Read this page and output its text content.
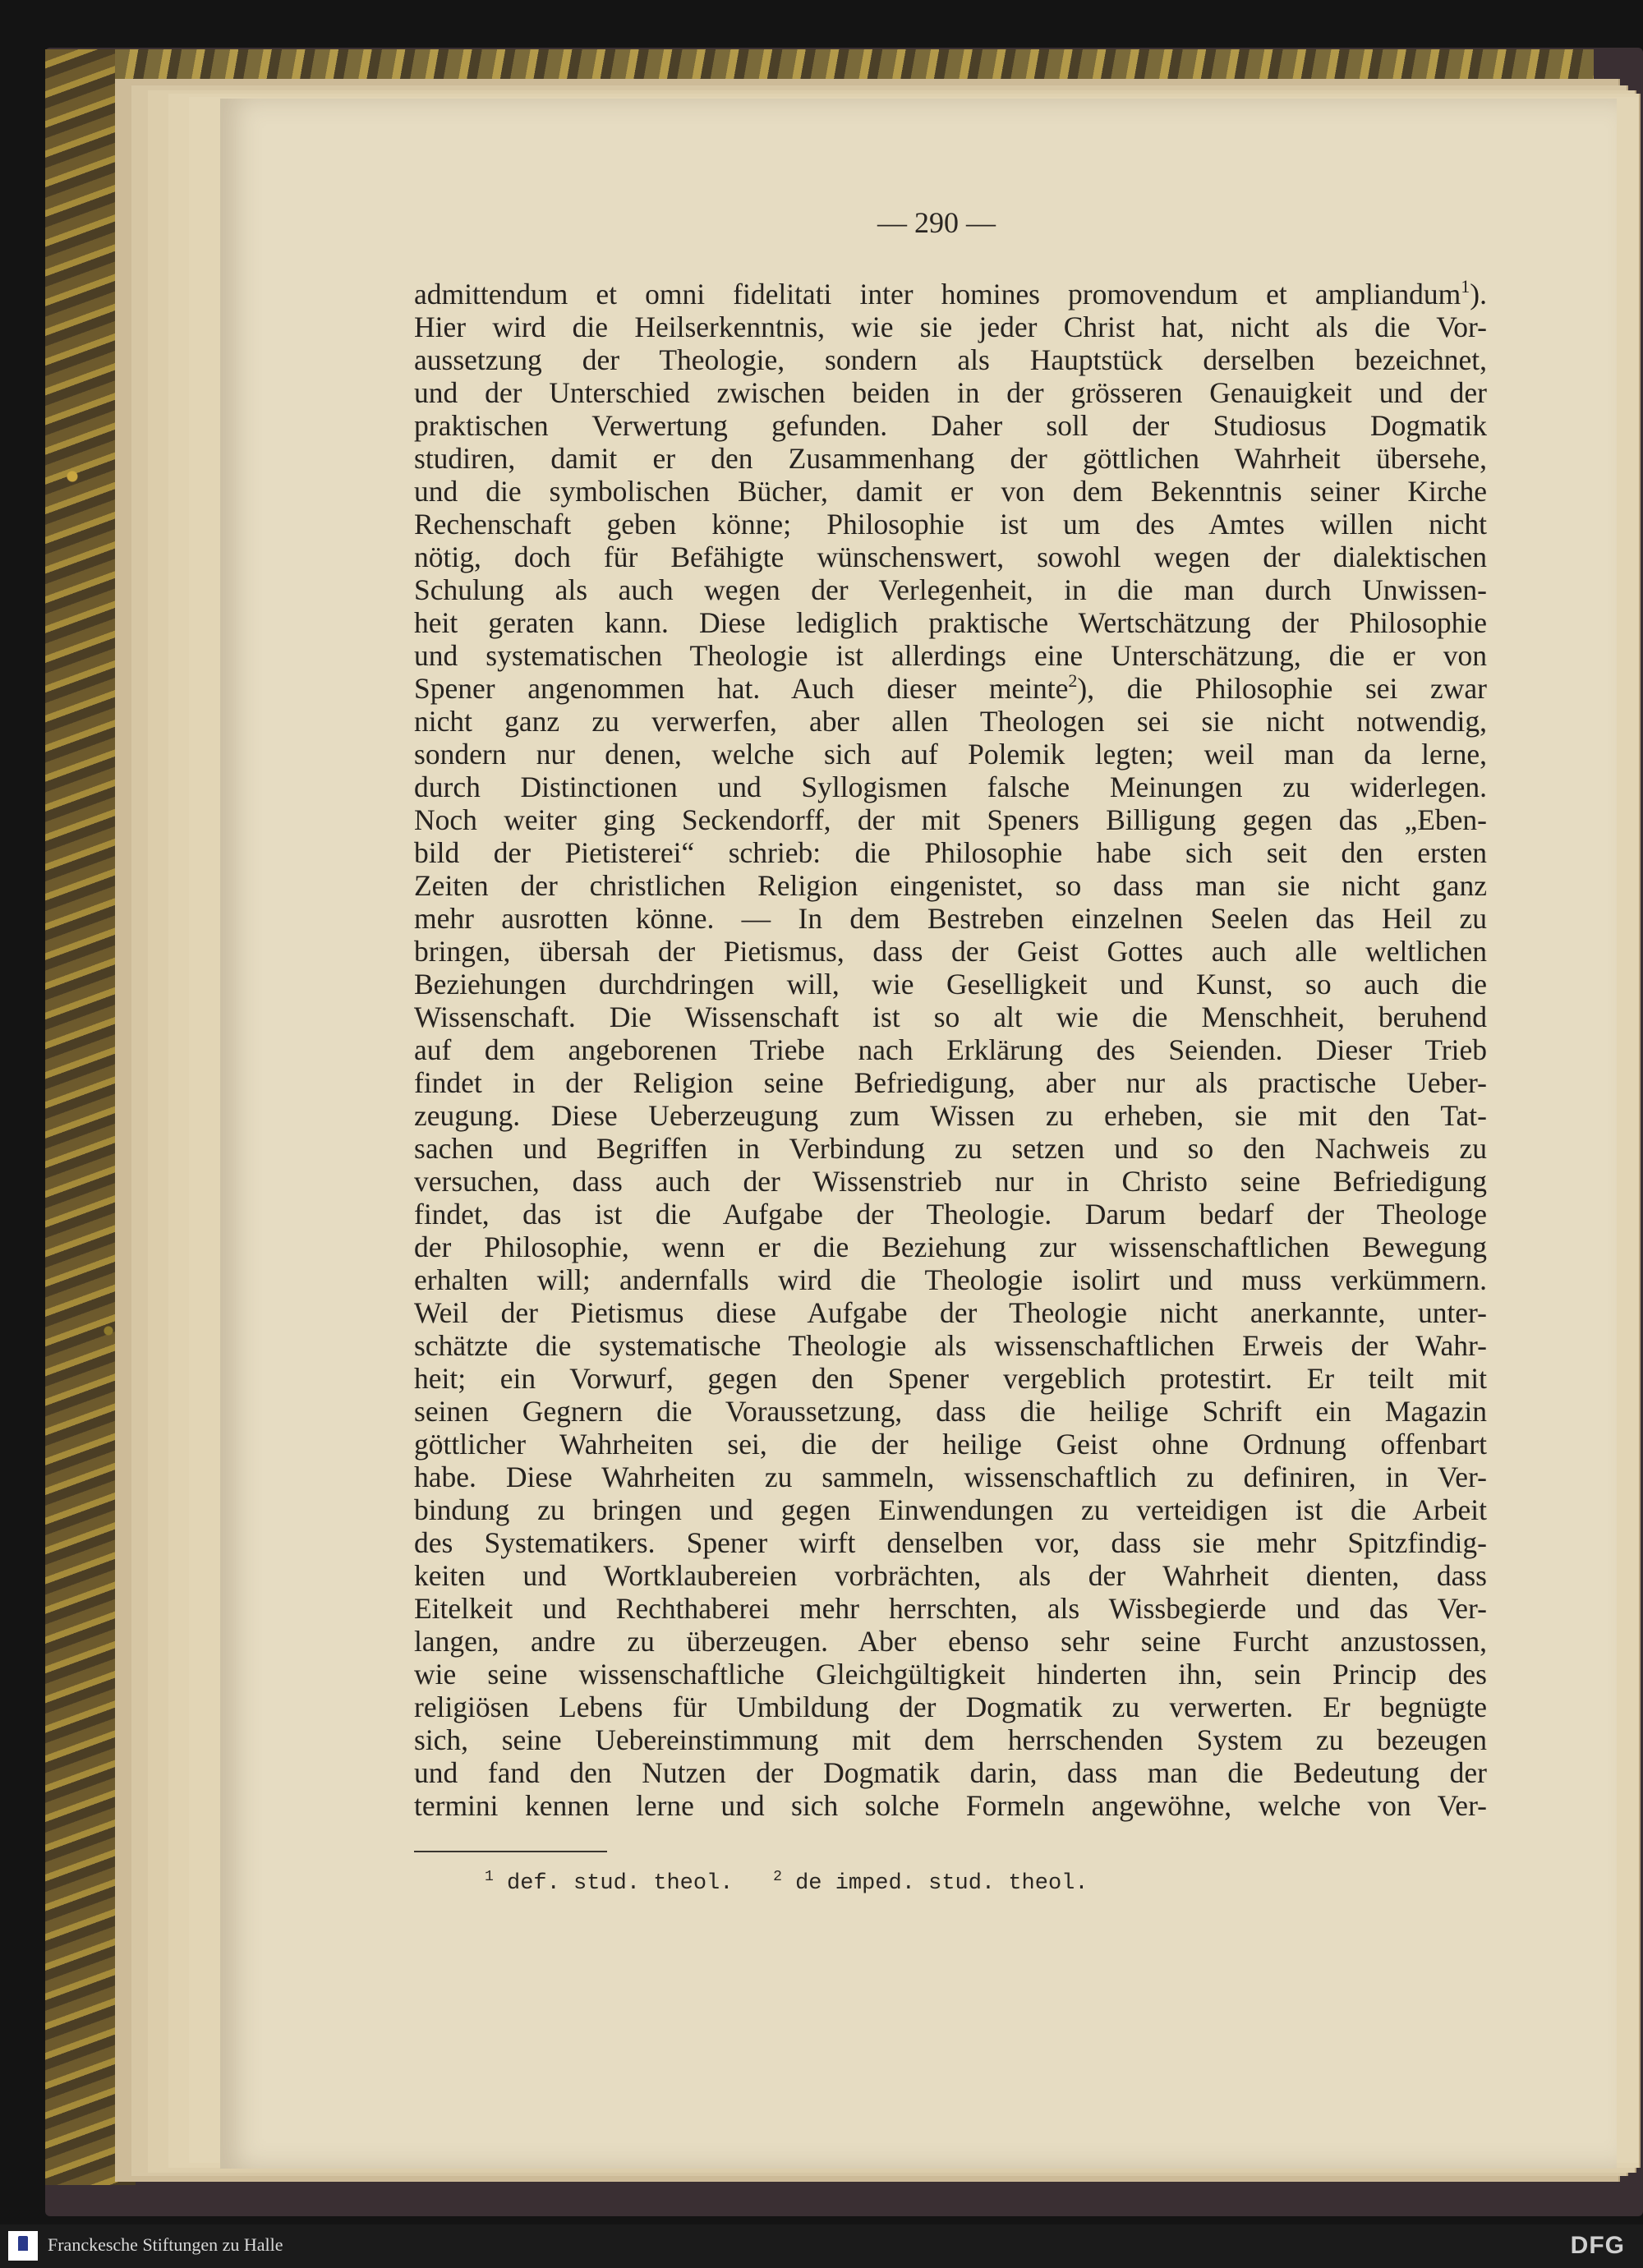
— 290 —
admittendum et omni fidelitati inter homines promovendum et ampliandum$^1$).
Hier wird die Heilserkenntnis, wie sie jeder Christ hat, nicht als die Vor-
aussetzung der Theologie, sondern als Hauptstück derselben bezeichnet,
und der Unterschied zwischen beiden in der grösseren Genauigkeit und der
praktischen Verwertung gefunden. Daher soll der Studiosus Dogmatik
studiren, damit er den Zusammenhang der göttlichen Wahrheit übersehe,
und die symbolischen Bücher, damit er von dem Bekenntnis seiner Kirche
Rechenschaft geben könne; Philosophie ist um des Amtes willen nicht
nötig, doch für Befähigte wünschenswert, sowohl wegen der dialektischen
Schulung als auch wegen der Verlegenheit, in die man durch Unwissen-
heit geraten kann. Diese lediglich praktische Wertschätzung der Philosophie
und systematischen Theologie ist allerdings eine Unterschätzung, die er von
Spener angenommen hat. Auch dieser meinte$^2$), die Philosophie sei zwar
nicht ganz zu verwerfen, aber allen Theologen sei sie nicht notwendig,
sondern nur denen, welche sich auf Polemik legten; weil man da lerne,
durch Distinctionen und Syllogismen falsche Meinungen zu widerlegen.
Noch weiter ging Seckendorff, der mit Speners Billigung gegen das „Eben-
bild der Pietisterei“ schrieb: die Philosophie habe sich seit den ersten
Zeiten der christlichen Religion eingenistet, so dass man sie nicht ganz
mehr ausrotten könne. — In dem Bestreben einzelnen Seelen das Heil zu
bringen, übersah der Pietismus, dass der Geist Gottes auch alle weltlichen
Beziehungen durchdringen will, wie Geselligkeit und Kunst, so auch die
Wissenschaft. Die Wissenschaft ist so alt wie die Menschheit, beruhend
auf dem angeborenen Triebe nach Erklärung des Seienden. Dieser Trieb
findet in der Religion seine Befriedigung, aber nur als practische Ueber-
zeugung. Diese Ueberzeugung zum Wissen zu erheben, sie mit den Tat-
sachen und Begriffen in Verbindung zu setzen und so den Nachweis zu
versuchen, dass auch der Wissenstrieb nur in Christo seine Befriedigung
findet, das ist die Aufgabe der Theologie. Darum bedarf der Theologe
der Philosophie, wenn er die Beziehung zur wissenschaftlichen Bewegung
erhalten will; andernfalls wird die Theologie isolirt und muss verkümmern.
Weil der Pietismus diese Aufgabe der Theologie nicht anerkannte, unter-
schätzte die systematische Theologie als wissenschaftlichen Erweis der Wahr-
heit; ein Vorwurf, gegen den Spener vergeblich protestirt. Er teilt mit
seinen Gegnern die Voraussetzung, dass die heilige Schrift ein Magazin
göttlicher Wahrheiten sei, die der heilige Geist ohne Ordnung offenbart
habe. Diese Wahrheiten zu sammeln, wissenschaftlich zu definiren, in Ver-
bindung zu bringen und gegen Einwendungen zu verteidigen ist die Arbeit
des Systematikers. Spener wirft denselben vor, dass sie mehr Spitzfindig-
keiten und Wortklaubereien vorbrächten, als der Wahrheit dienten, dass
Eitelkeit und Rechthaberei mehr herrschten, als Wissbegierde und das Ver-
langen, andre zu überzeugen. Aber ebenso sehr seine Furcht anzustossen,
wie seine wissenschaftliche Gleichgültigkeit hinderten ihn, sein Princip des
religiösen Lebens für Umbildung der Dogmatik zu verwerten. Er begnügte
sich, seine Uebereinstimmung mit dem herrschenden System zu bezeugen
und fand den Nutzen der Dogmatik darin, dass man die Bedeutung der
termini kennen lerne und sich solche Formeln angewöhne, welche von Ver-
$^1$ def. stud. theol.	$^2$ de imped. stud. theol.
Franckesche Stiftungen zu Halle	DFG
